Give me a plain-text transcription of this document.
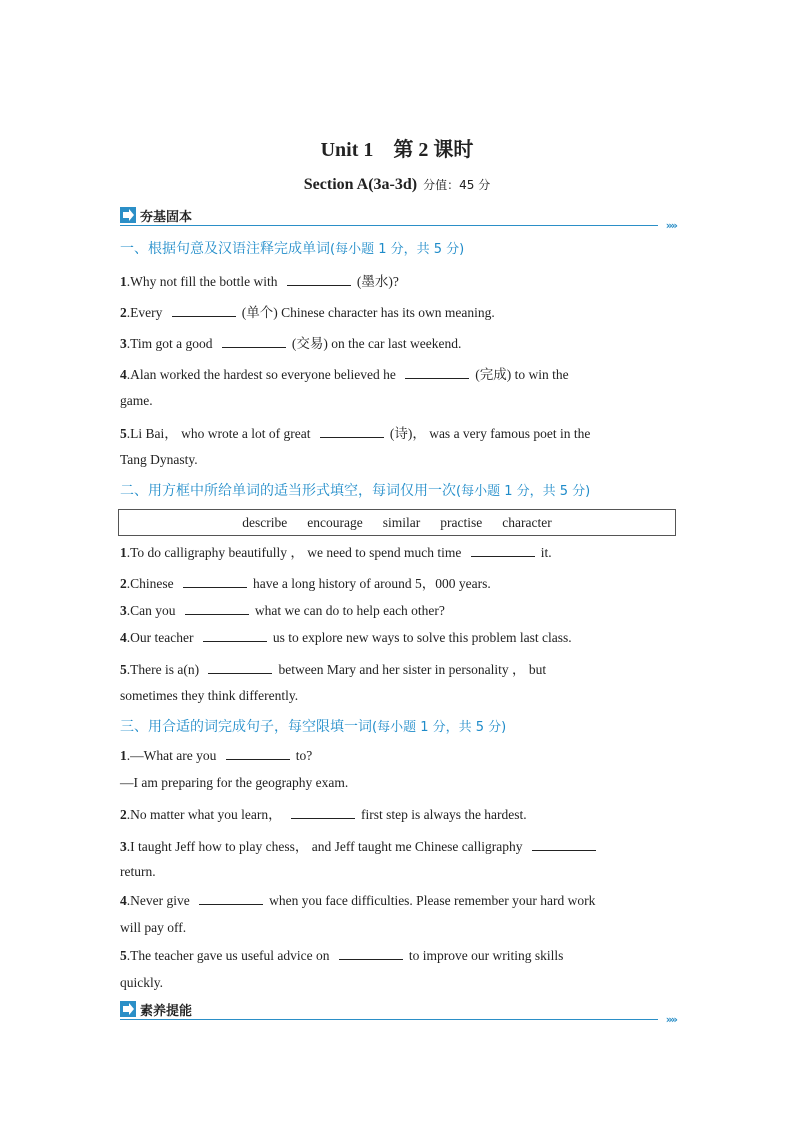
Unit 1　第 2 课时
Section A(3a-3d) 分值：45 分
夯基固本
»»
一、根据句意及汉语注释完成单词(每小题 1 分，共 5 分)
1.Why not fill the bottle with	(墨水)?
2.Every	(单个) Chinese character has its own meaning.
3.Tim got a good	(交易) on the car last weekend.
4.Alan worked the hardest so everyone believed he	(完成) to win the
game.
5.Li Bai， who wrote a lot of great	(诗)， was a very famous poet in the
Tang Dynasty.
二、用方框中所给单词的适当形式填空，每词仅用一次(每小题 1 分，共 5 分)
describe encourage similar practise character
1.To do calligraphy beautifully ， we need to spend much time	it.
2.Chinese	have a long history of around 5，000 years.
3.Can you	what we can do to help each other?
4.Our teacher	us to explore new ways to solve this problem last class.
5.There is a(n)	between Mary and her sister in personality ， but
sometimes they think differently.
三、用合适的词完成句子，每空限填一词(每小题 1 分，共 5 分)
1.—What are you	to?
—I am preparing for the geography exam.
2.No matter what you learn，	first step is always the hardest.
3.I taught Jeff how to play chess， and Jeff taught me Chinese calligraphy
return.
4.Never give	when you face difficulties. Please remember your hard work
will pay off.
5.The teacher gave us useful advice on	to improve our writing skills
quickly.
素养提能
»»
